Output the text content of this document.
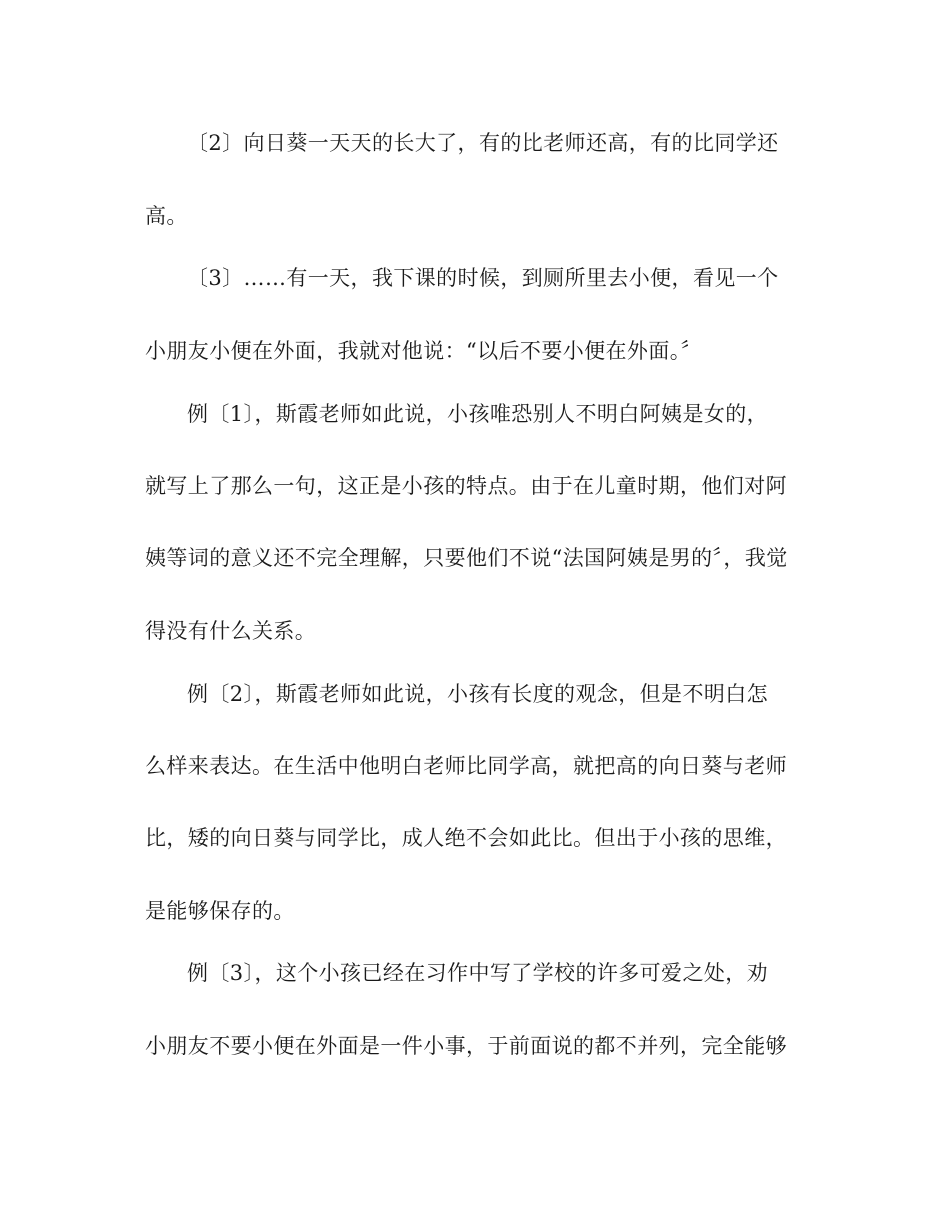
〔2〕向日葵一天天的长大了，有的比老师还高，有的比同学还
高。
〔3〕……有一天，我下课的时候，到厕所里去小便，看见一个
小朋友小便在外面，我就对他说：“以后不要小便在外面。〞
例〔1〕，斯霞老师如此说，小孩唯恐别人不明白阿姨是女的，
就写上了那么一句，这正是小孩的特点。由于在儿童时期，他们对阿
姨等词的意义还不完全理解，只要他们不说“法国阿姨是男的〞，我觉
得没有什么关系。
例〔2〕，斯霞老师如此说，小孩有长度的观念，但是不明白怎
么样来表达。在生活中他明白老师比同学高，就把高的向日葵与老师
比，矮的向日葵与同学比，成人绝不会如此比。但出于小孩的思维，
是能够保存的。
例〔3〕，这个小孩已经在习作中写了学校的许多可爱之处，劝
小朋友不要小便在外面是一件小事，于前面说的都不并列，完全能够
